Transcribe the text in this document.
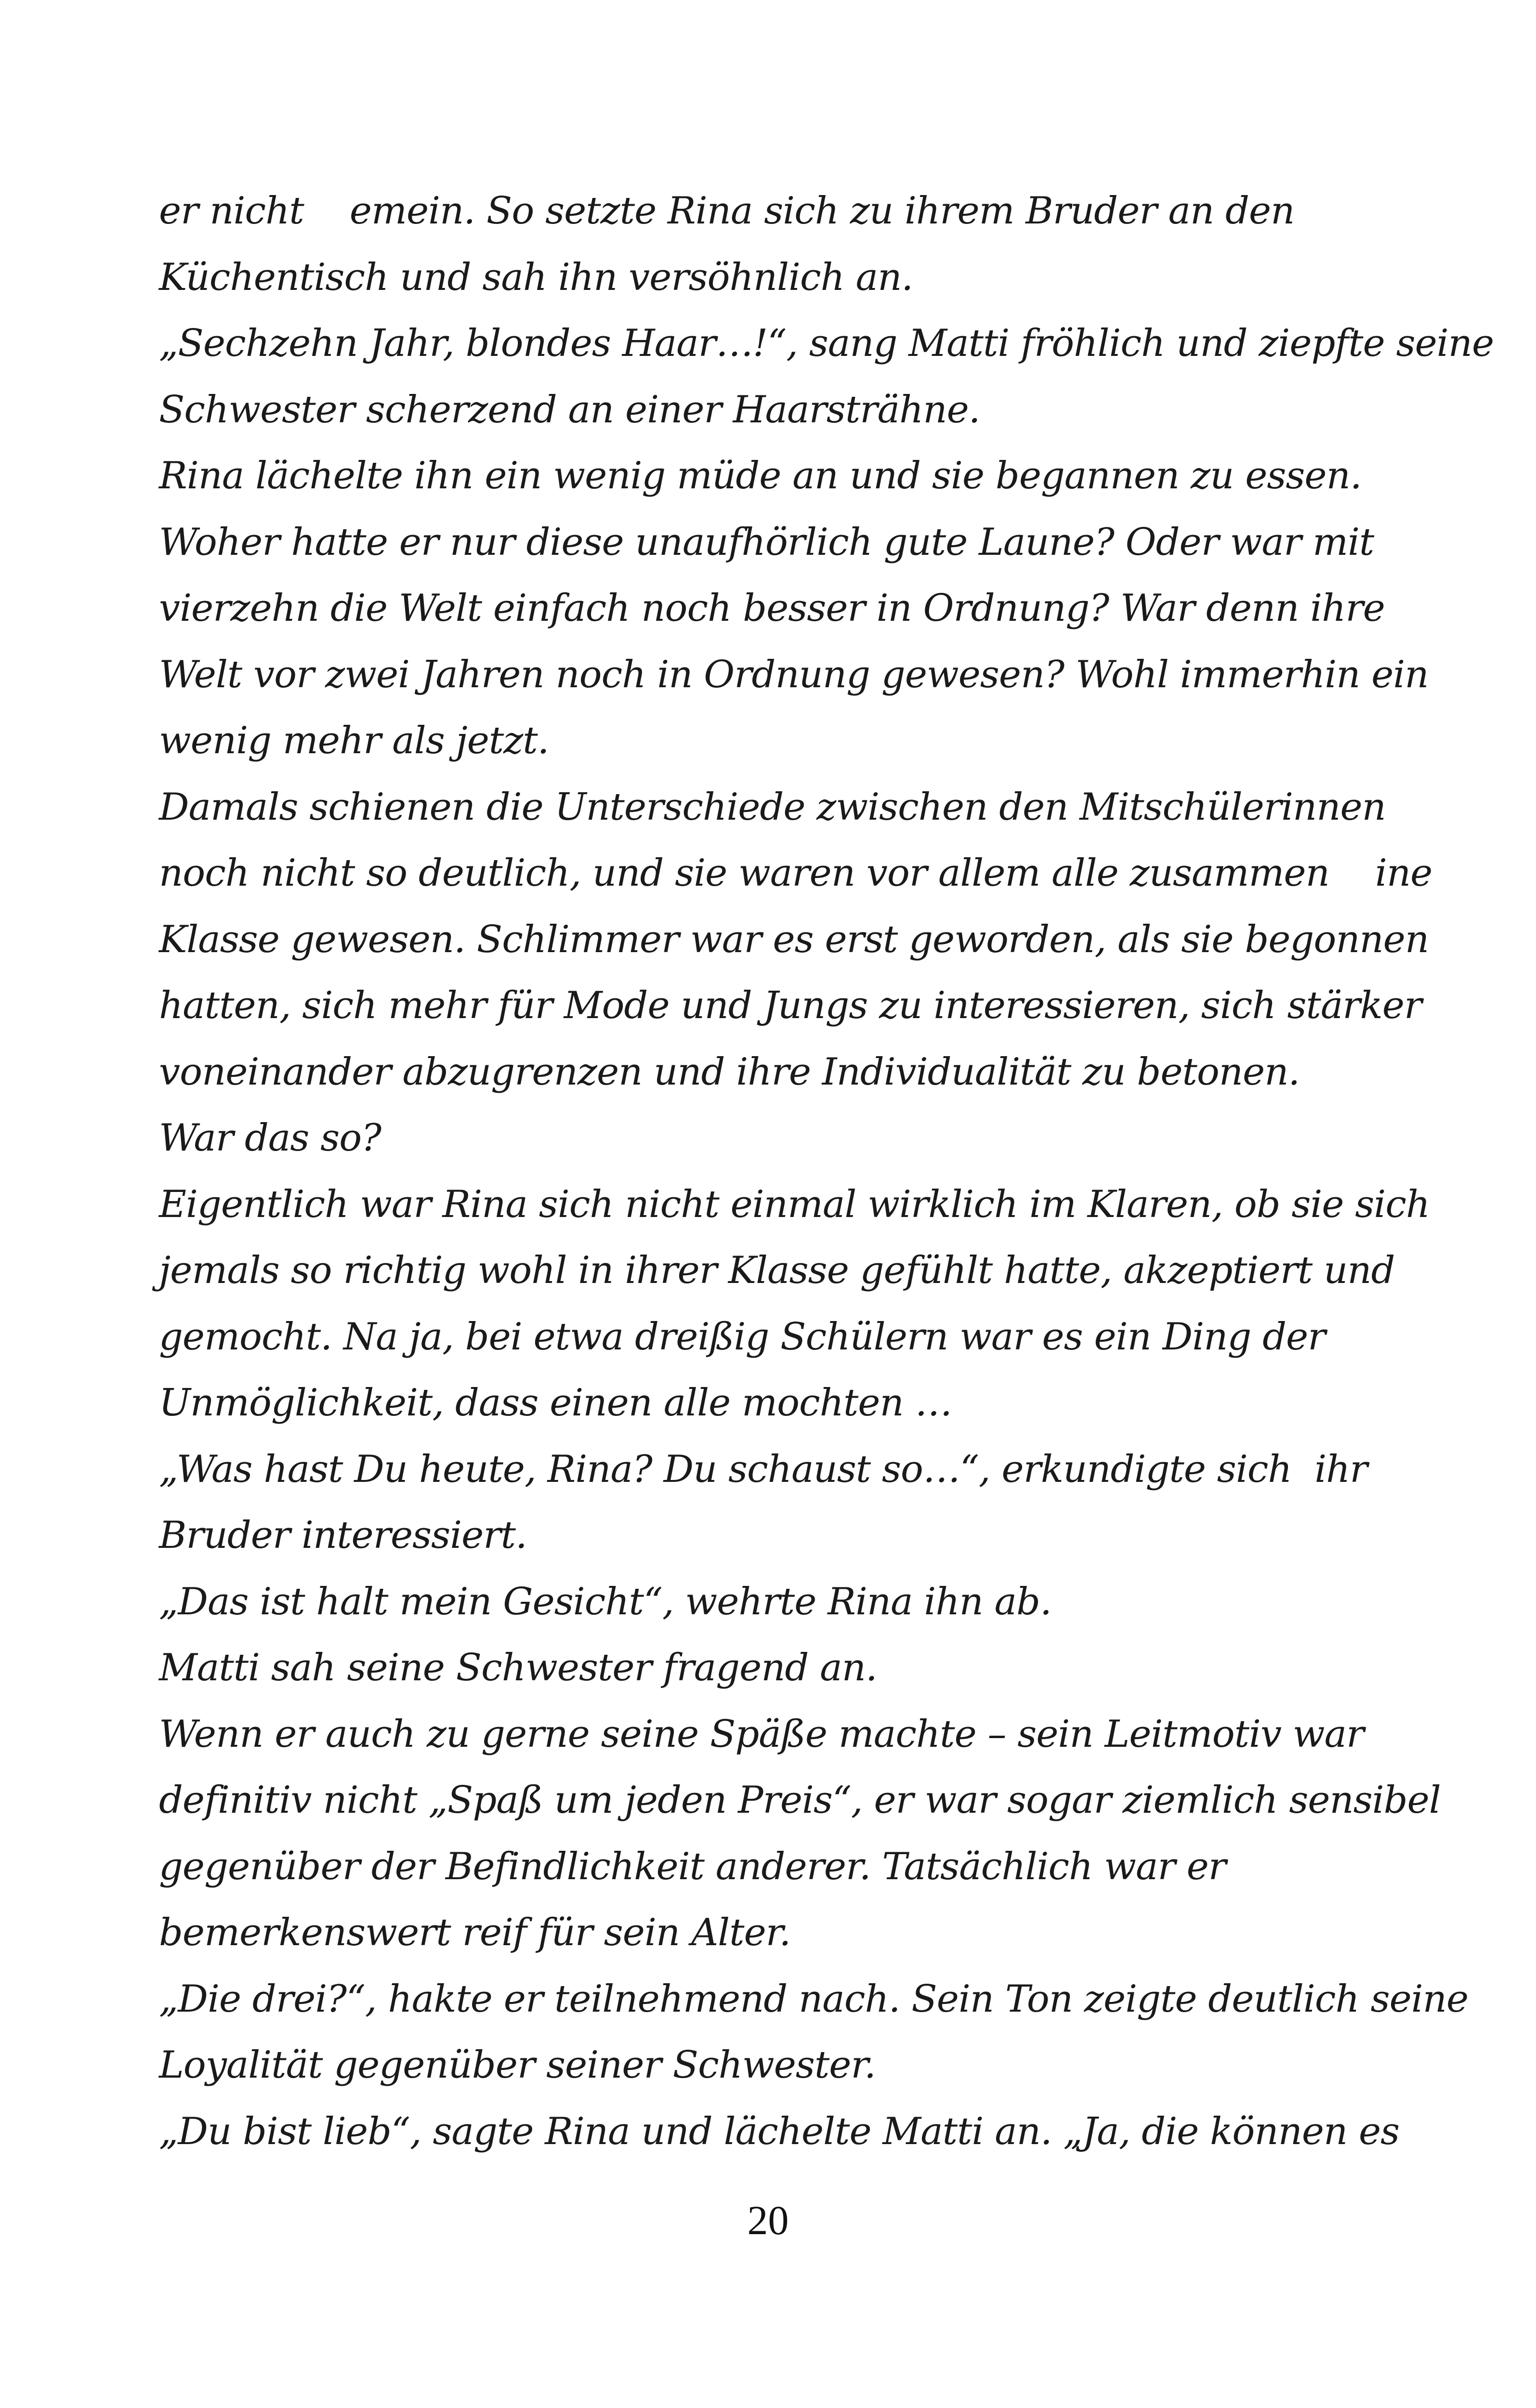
er nicht    emein. So setzte Rina sich zu ihrem Bruder an den
Küchentisch und sah ihn versöhnlich an.
„Sechzehn Jahr, blondes Haar…!“, sang Matti fröhlich und ziepfte seine
Schwester scherzend an einer Haarsträhne.
Rina lächelte ihn ein wenig müde an und sie begannen zu essen.
Woher hatte er nur diese unaufhörlich gute Laune? Oder war mit
vierzehn die Welt einfach noch besser in Ordnung? War denn ihre
Welt vor zwei Jahren noch in Ordnung gewesen? Wohl immerhin ein
wenig mehr als jetzt.
Damals schienen die Unterschiede zwischen den Mitschülerinnen
noch nicht so deutlich, und sie waren vor allem alle zusammen    ine
Klasse gewesen. Schlimmer war es erst geworden, als sie begonnen
hatten, sich mehr für Mode und Jungs zu interessieren, sich stärker
voneinander abzugrenzen und ihre Individualität zu betonen.
War das so?
Eigentlich war Rina sich nicht einmal wirklich im Klaren, ob sie sich
jemals so richtig wohl in ihrer Klasse gefühlt hatte, akzeptiert und
gemocht. Na ja, bei etwa dreißig Schülern war es ein Ding der
Unmöglichkeit, dass einen alle mochten …
„Was hast Du heute, Rina? Du schaust so…“, erkundigte sich  ihr
Bruder interessiert.
„Das ist halt mein Gesicht“, wehrte Rina ihn ab.
Matti sah seine Schwester fragend an.
Wenn er auch zu gerne seine Späße machte – sein Leitmotiv war
definitiv nicht „Spaß um jeden Preis“, er war sogar ziemlich sensibel
gegenüber der Befindlichkeit anderer. Tatsächlich war er
bemerkenswert reif für sein Alter.
„Die drei?“, hakte er teilnehmend nach. Sein Ton zeigte deutlich seine
Loyalität gegenüber seiner Schwester.
„Du bist lieb“, sagte Rina und lächelte Matti an. „Ja, die können es
20
